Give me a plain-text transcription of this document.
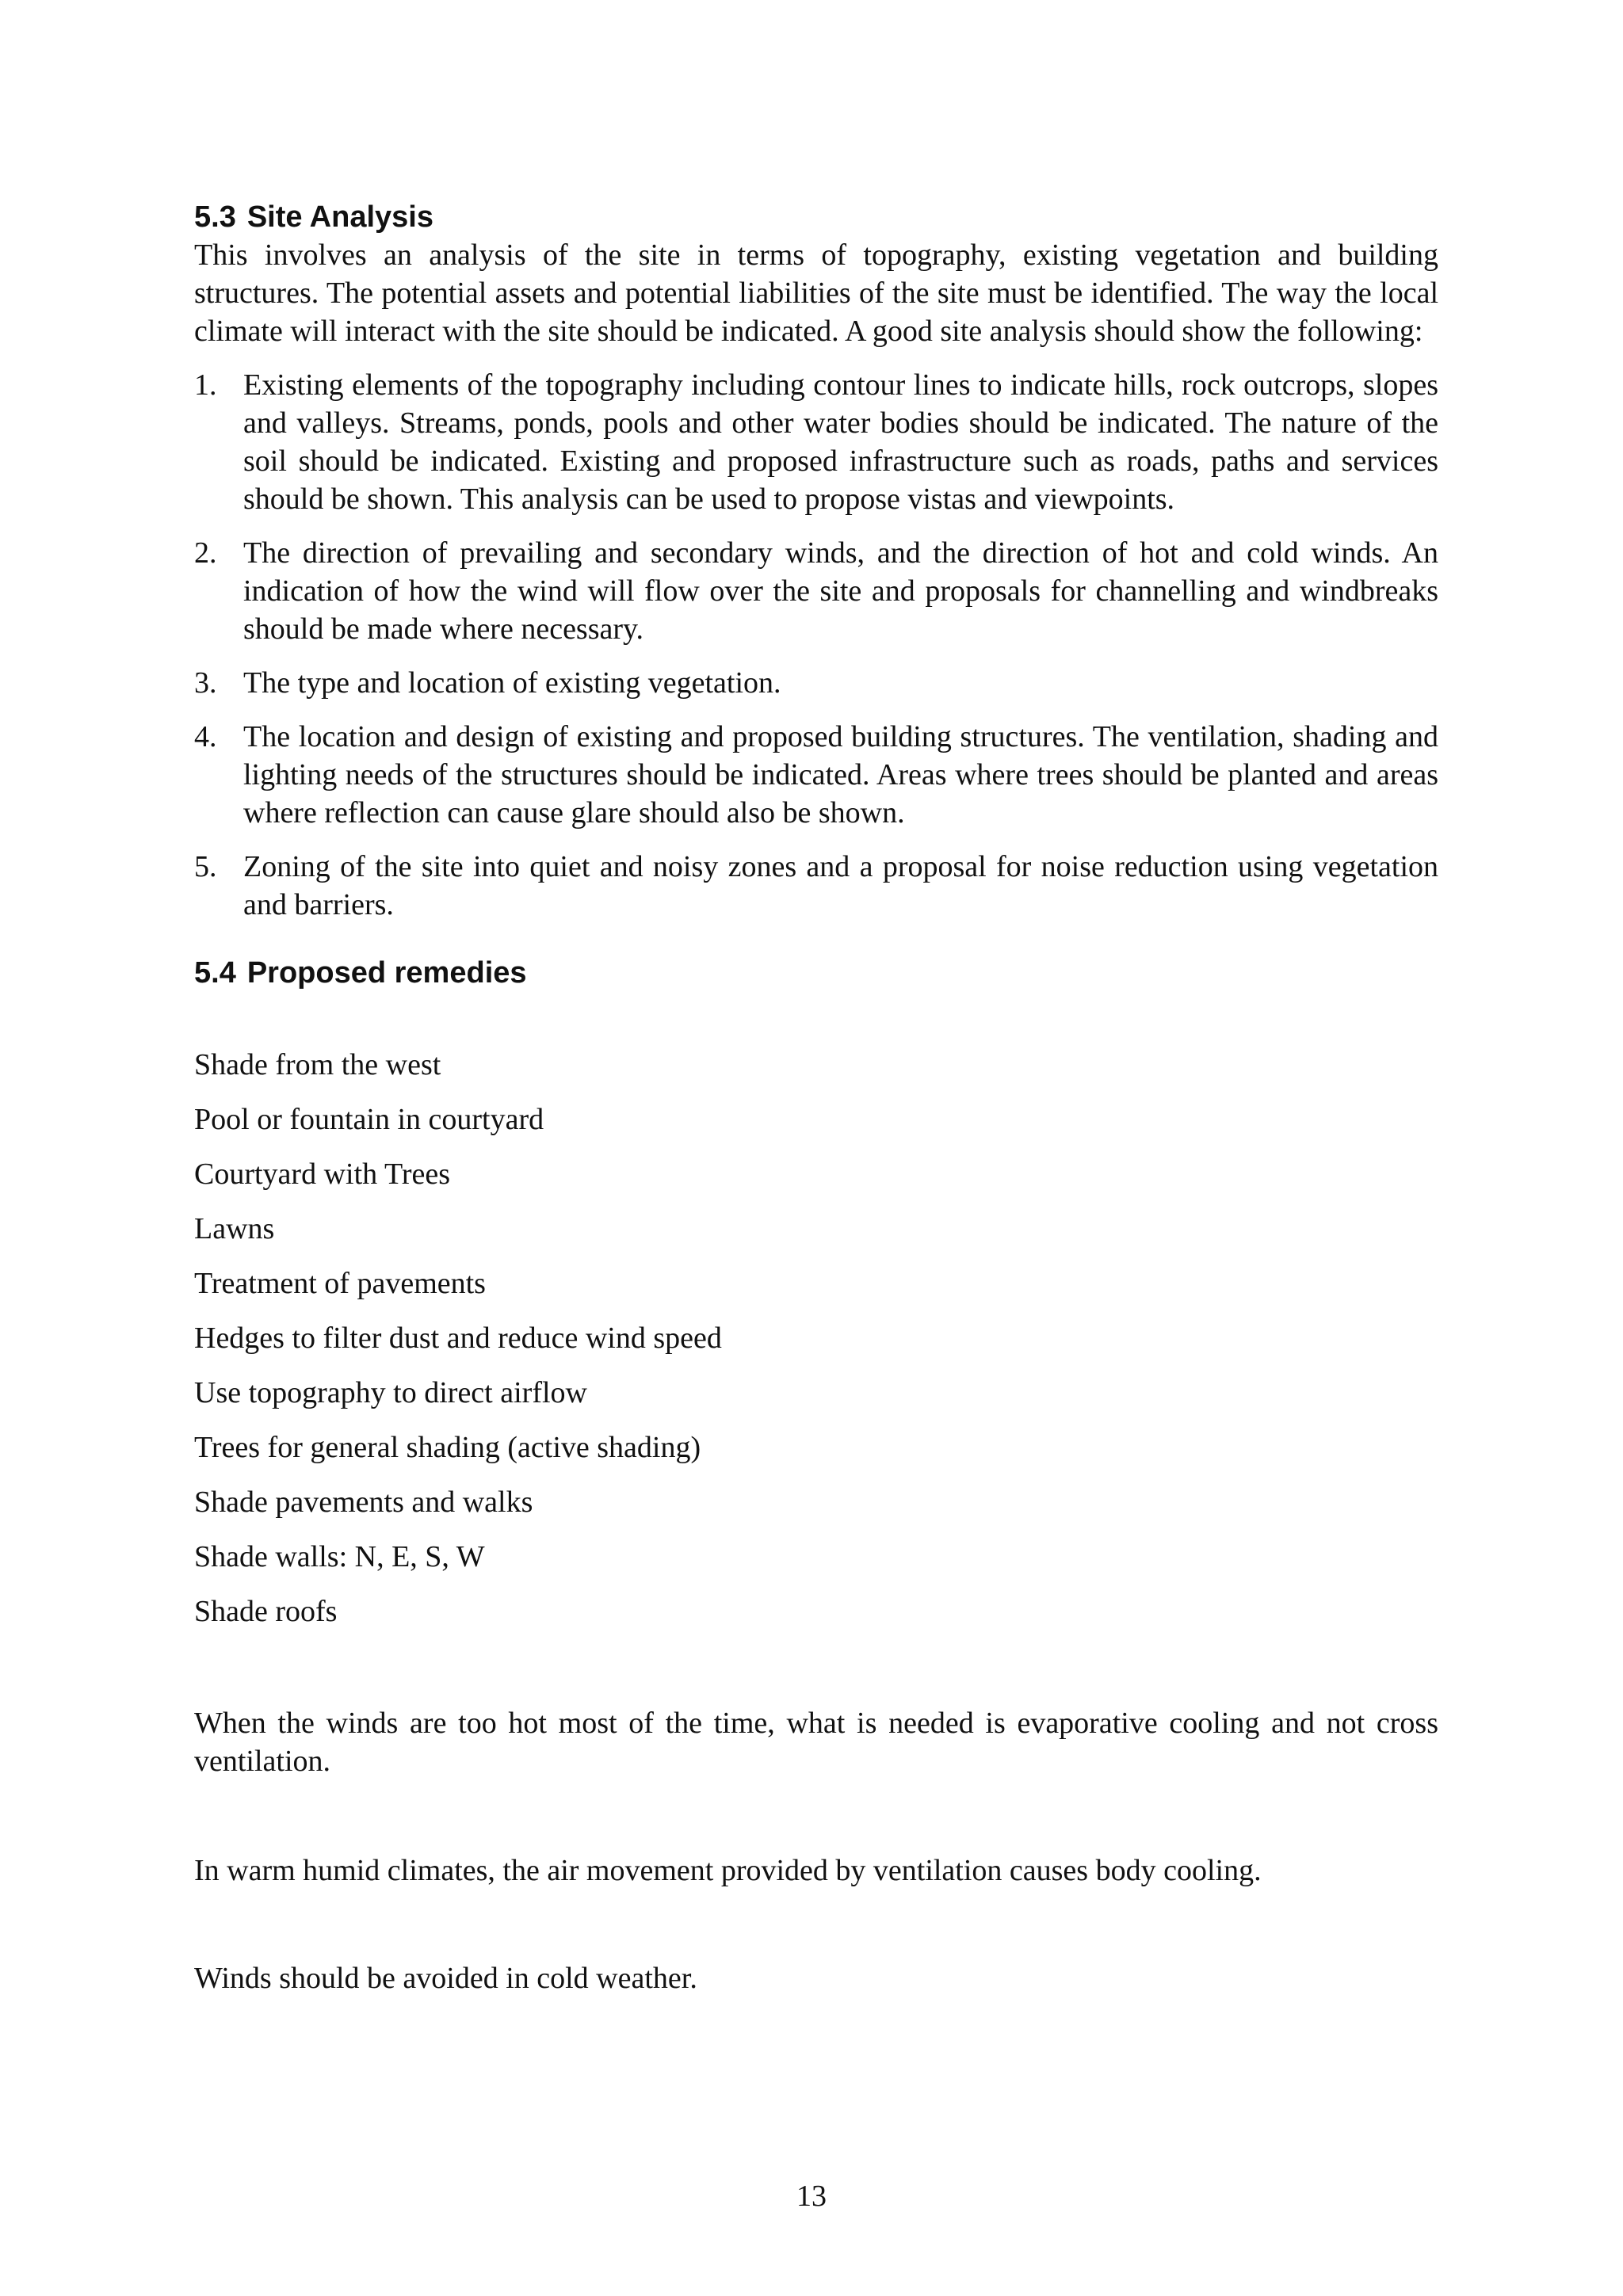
5.3 Site Analysis

This involves an analysis of the site in terms of topography, existing vegetation and building structures. The potential assets and potential liabilities of the site must be identified. The way the local climate will interact with the site should be indicated. A good site analysis should show the following:

1. Existing elements of the topography including contour lines to indicate hills, rock outcrops, slopes and valleys. Streams, ponds, pools and other water bodies should be indicated. The nature of the soil should be indicated. Existing and proposed infrastructure such as roads, paths and services should be shown. This analysis can be used to propose vistas and viewpoints.
2. The direction of prevailing and secondary winds, and the direction of hot and cold winds. An indication of how the wind will flow over the site and proposals for channelling and windbreaks should be made where necessary.
3. The type and location of existing vegetation.
4. The location and design of existing and proposed building structures. The ventilation, shading and lighting needs of the structures should be indicated. Areas where trees should be planted and areas where reflection can cause glare should also be shown.
5. Zoning of the site into quiet and noisy zones and a proposal for noise reduction using vegetation and barriers.
5.4 Proposed remedies
Shade from the west
Pool or fountain in courtyard
Courtyard with Trees
Lawns
Treatment of pavements
Hedges to filter dust and reduce wind speed
Use topography to direct airflow
Trees for general shading (active shading)
Shade pavements and walks
Shade walls: N, E, S, W
Shade roofs

When the winds are too hot most of the time, what is needed is evaporative cooling and not cross ventilation.

In warm humid climates, the air movement provided by ventilation causes body cooling.

Winds should be avoided in cold weather.

13
